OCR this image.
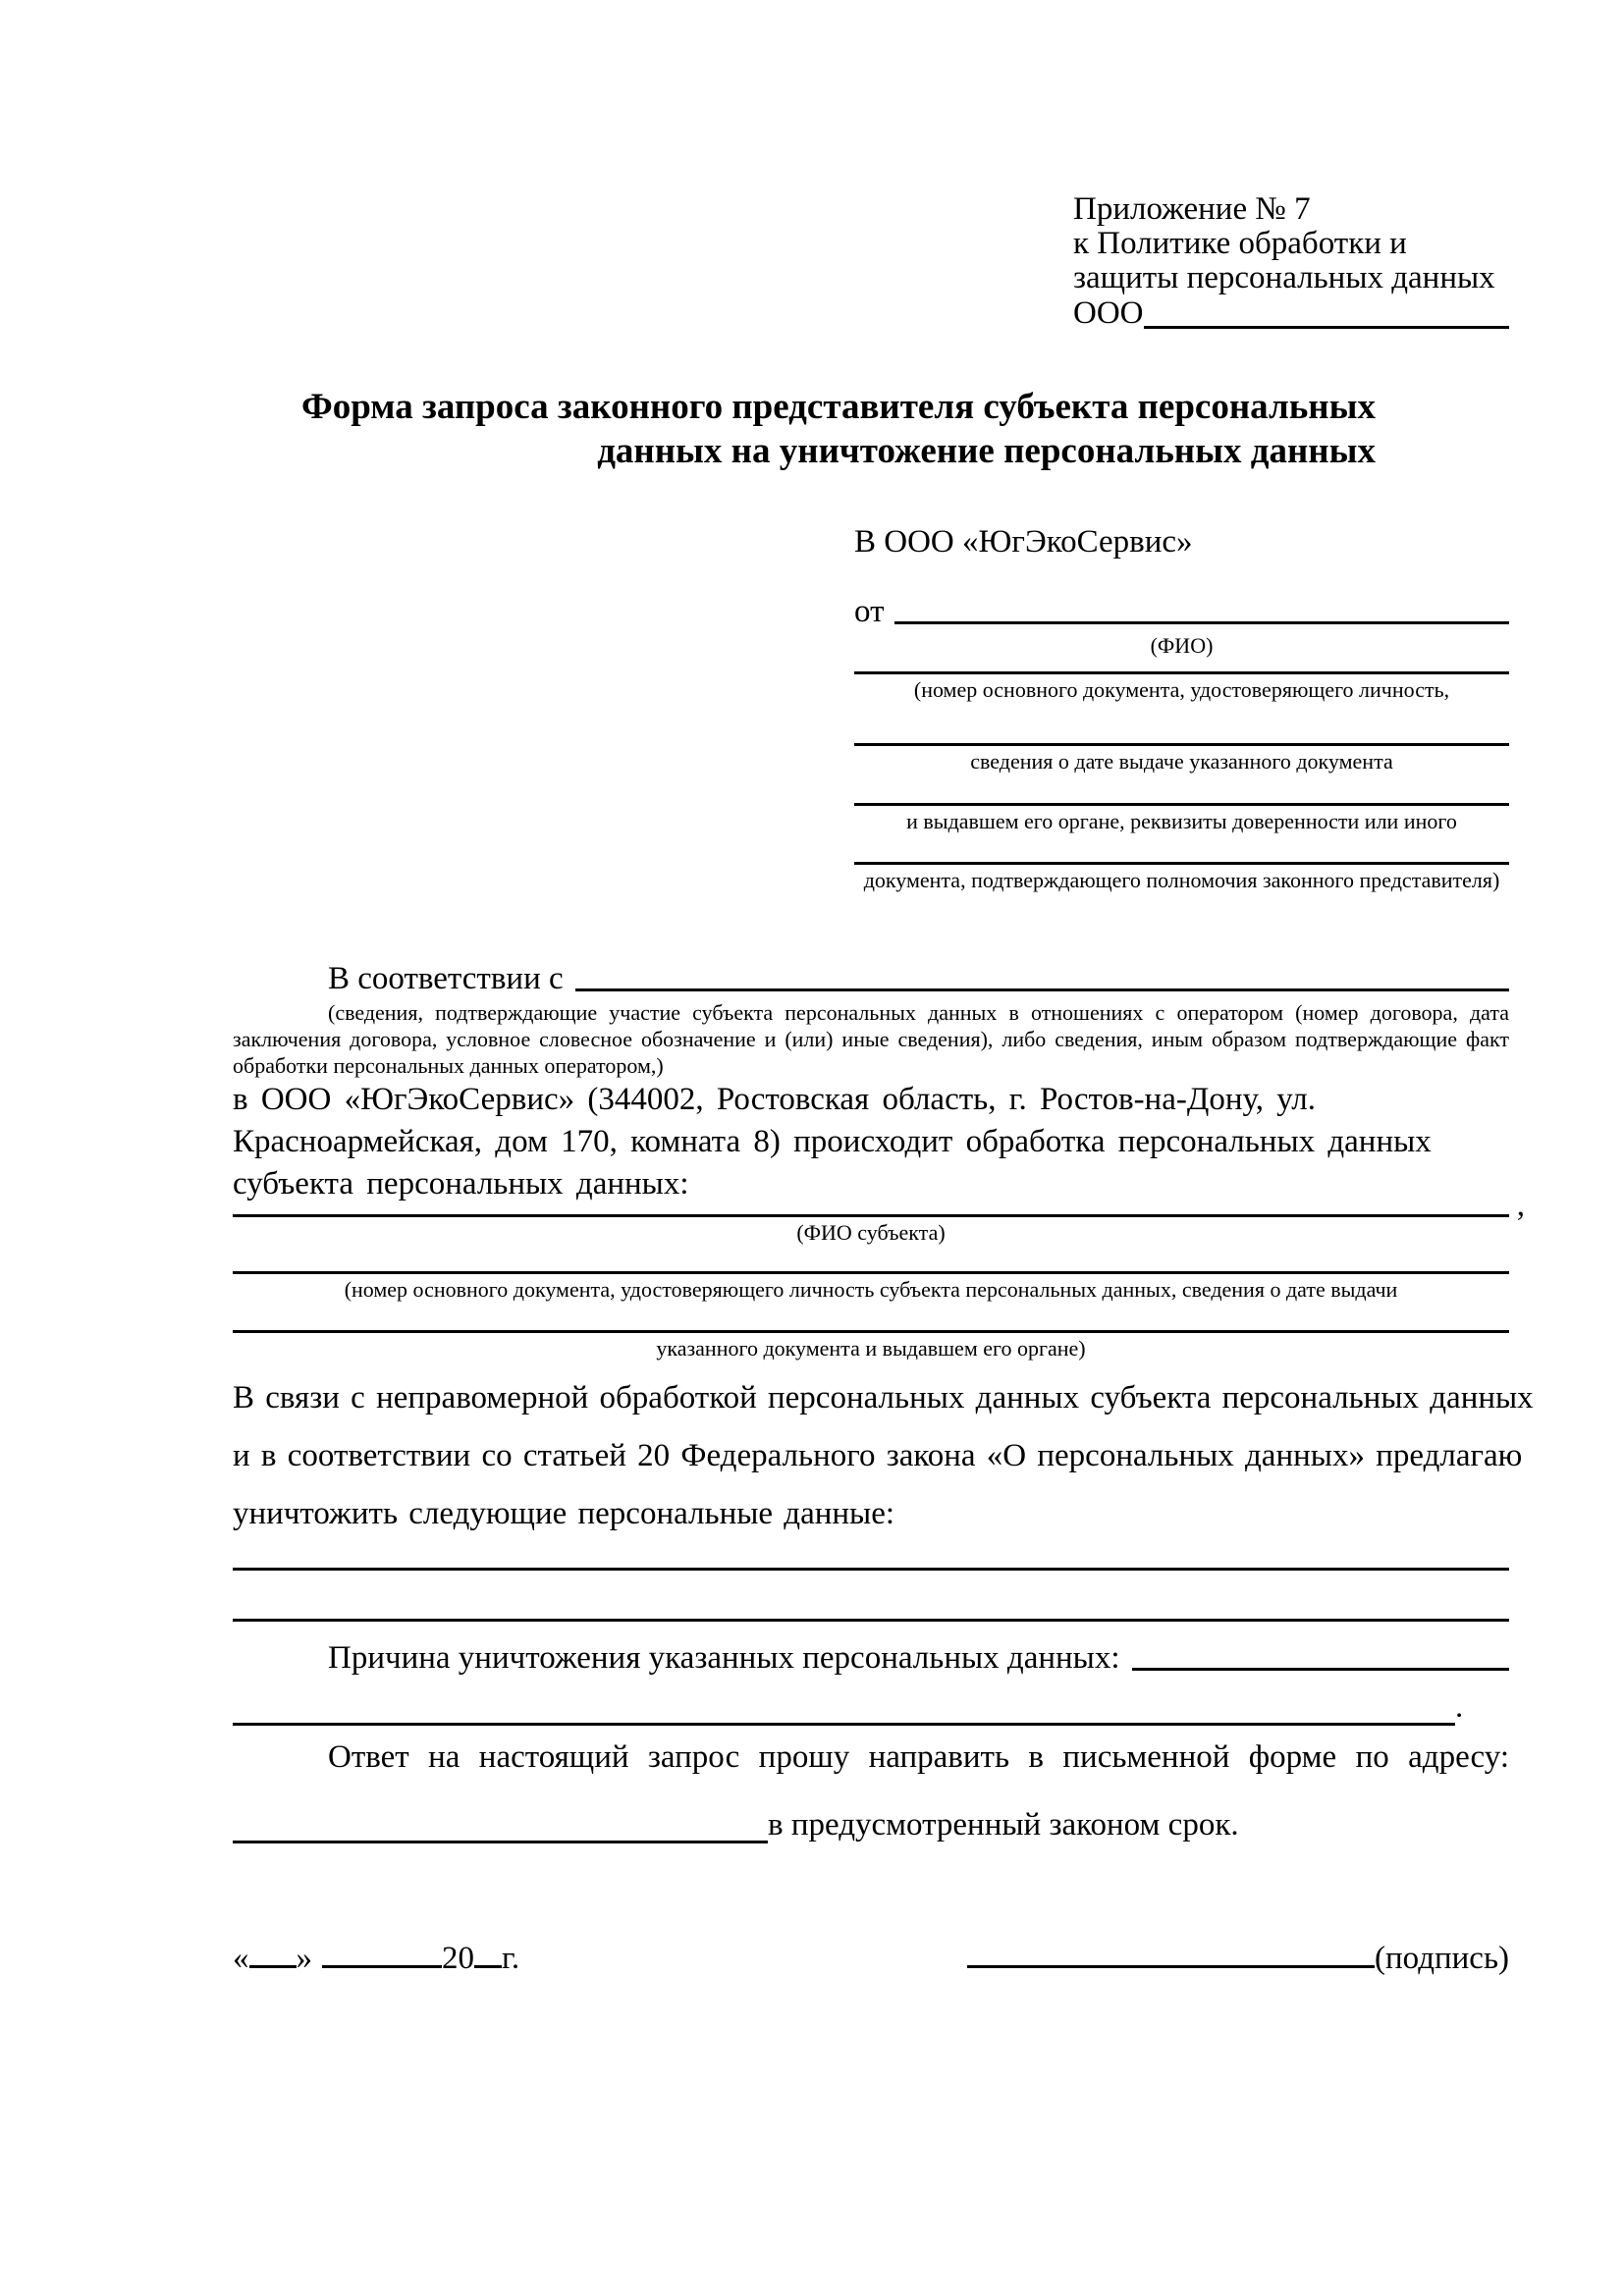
Приложение № 7
к Политике обработки и
защиты персональных данных
ООО
Форма запроса законного представителя субъекта персональных
данных на уничтожение персональных данных
В ООО «ЮгЭкоСервис»
от
(ФИО)
(номер основного документа, удостоверяющего личность,
сведения о дате выдаче указанного документа
и выдавшем его органе, реквизиты доверенности или иного
документа, подтверждающего полномочия законного представителя)
В соответствии с
(сведения, подтверждающие участие субъекта персональных данных в отношениях с оператором (номер договора, дата
заключения договора, условное словесное обозначение и (или) иные сведения), либо сведения, иным образом подтверждающие факт
обработки персональных данных оператором,)
в ООО «ЮгЭкоСервис» (344002, Ростовская область, г. Ростов-на-Дону, ул.
Красноармейская, дом 170, комната 8) происходит обработка персональных данных
субъекта персональных данных:
,
(ФИО субъекта)
(номер основного документа, удостоверяющего личность субъекта персональных данных, сведения о дате выдачи
указанного документа и выдавшем его органе)
В связи с неправомерной обработкой персональных данных субъекта персональных данных
и в соответствии со статьей 20 Федерального закона «О персональных данных» предлагаю
уничтожить следующие персональные данные:
Причина уничтожения указанных персональных данных:
.
Ответ на настоящий запрос прошу направить в письменной форме по адресу:
в предусмотренный законом срок.
« »	20 г.	(подпись)
